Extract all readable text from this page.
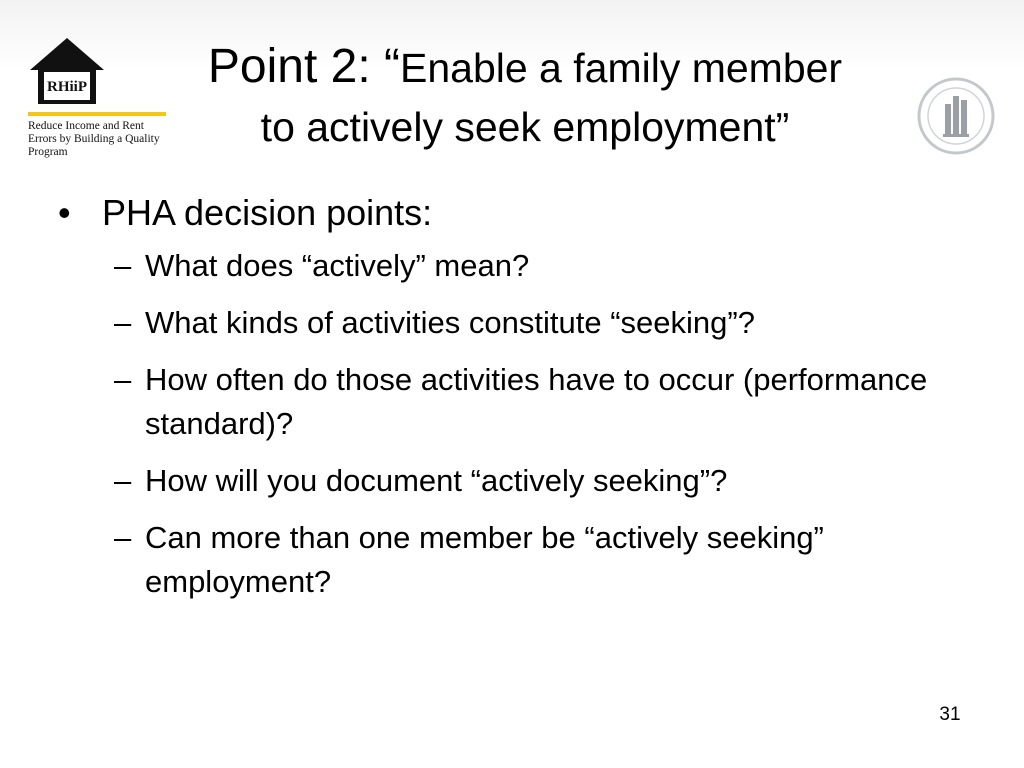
RHiiP
Reduce Income and Rent Errors by Building a Quality Program
Point 2: “Enable a family member
to actively seek employment”
• PHA decision points:
– What does “actively” mean?
– What kinds of activities constitute “seeking”?
– How often do those activities have to occur (performance standard)?
– How will you document “actively seeking”?
– Can more than one member be “actively seeking” employment?
31
